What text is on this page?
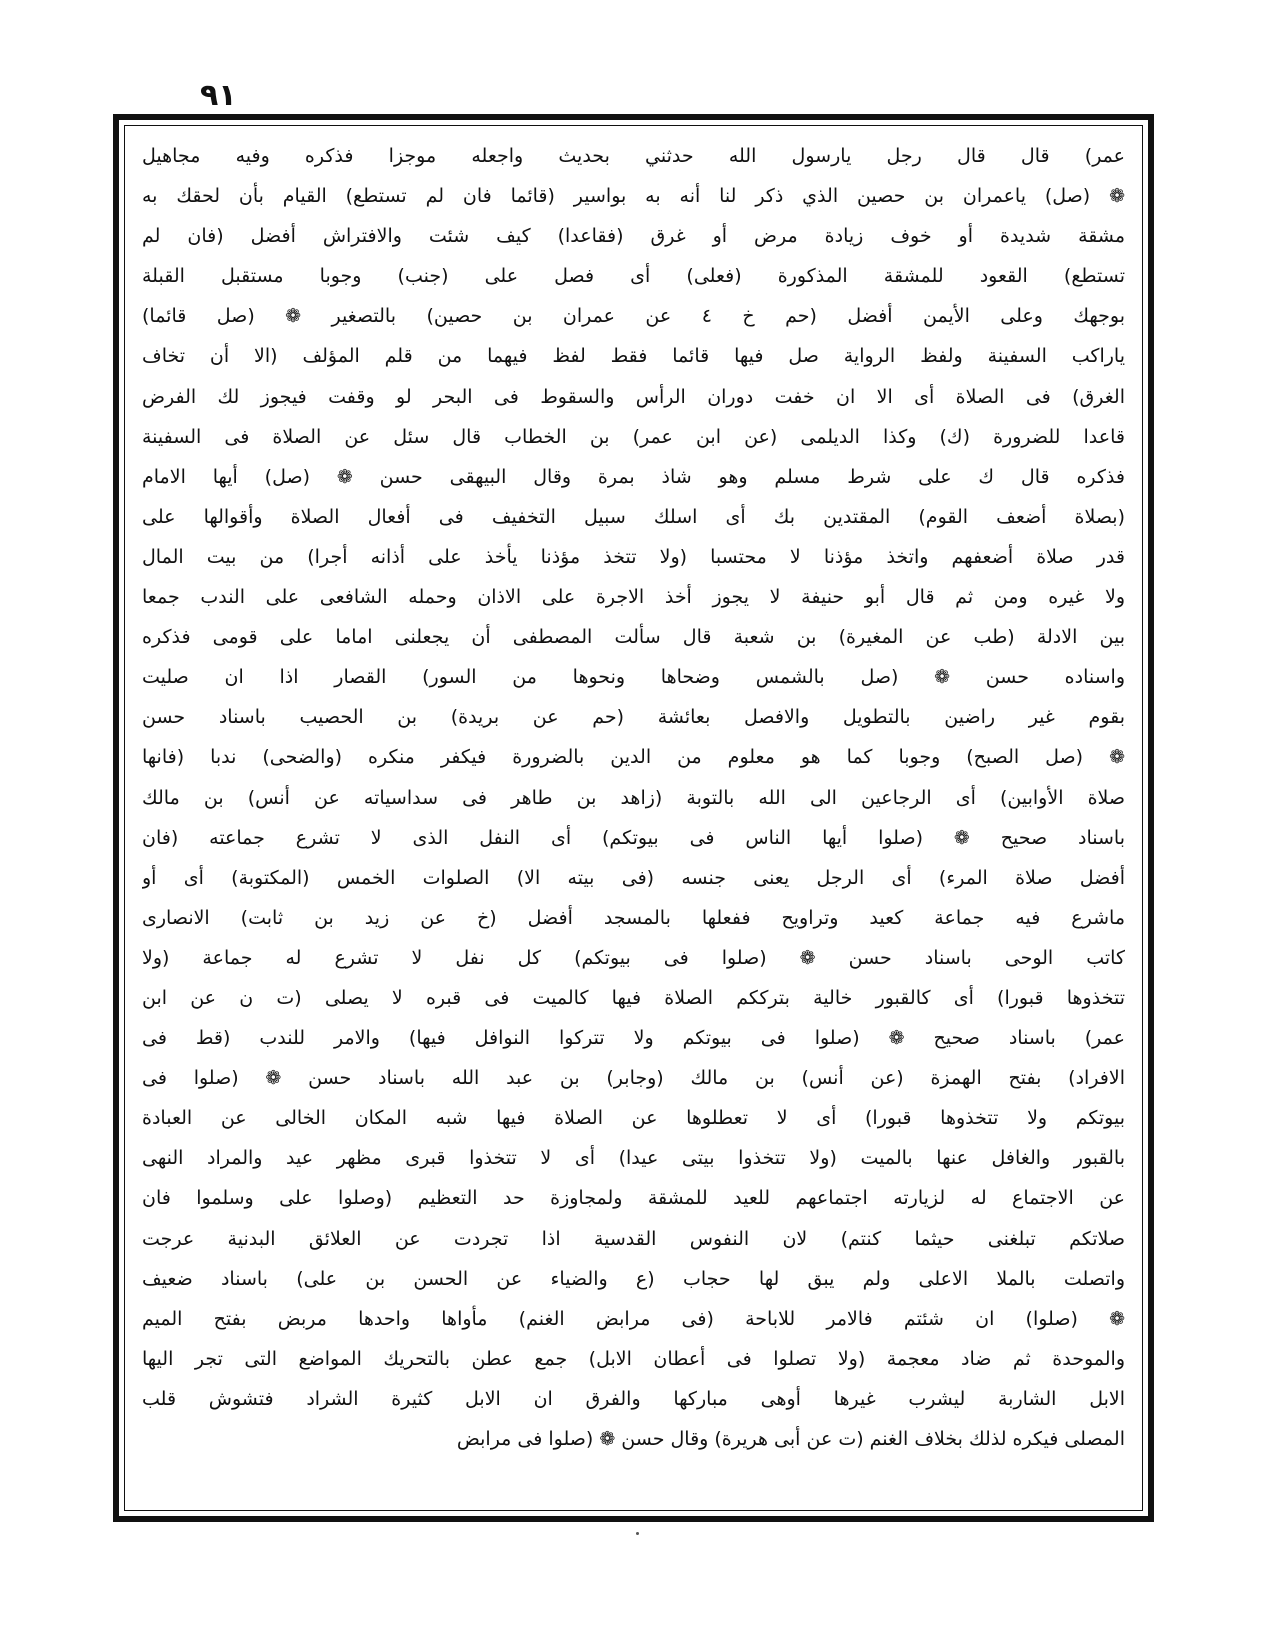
٩١
عمر) قال قال رجل يارسول الله حدثني بحديث واجعله موجزا فذكره وفيه مجاهيل
❁ (صل) ياعمران بن حصين الذي ذكر لنا أنه به بواسير (قائما فان لم تستطع) القيام بأن لحقك به
مشقة شديدة أو خوف زيادة مرض أو غرق (فقاعدا) كيف شئت والافتراش أفضل (فان لم
تستطع) القعود للمشقة المذكورة (فعلى) أى فصل على (جنب) وجوبا مستقبل القبلة
بوجهك وعلى الأيمن أفضل (حم خ ٤ عن عمران بن حصين) بالتصغير ❁ (صل قائما)
ياراكب السفينة ولفظ الرواية صل فيها قائما فقط لفظ فيهما من قلم المؤلف (الا أن تخاف
الغرق) فى الصلاة أى الا ان خفت دوران الرأس والسقوط فى البحر لو وقفت فيجوز لك الفرض
قاعدا للضرورة (ك) وكذا الديلمى (عن ابن عمر) بن الخطاب قال سئل عن الصلاة فى السفينة
فذكره قال ك على شرط مسلم وهو شاذ بمرة وقال البيهقى حسن ❁ (صل) أيها الامام
(بصلاة أضعف القوم) المقتدين بك أى اسلك سبيل التخفيف فى أفعال الصلاة وأقوالها على
قدر صلاة أضعفهم واتخذ مؤذنا لا محتسبا (ولا تتخذ مؤذنا يأخذ على أذانه أجرا) من بيت المال
ولا غيره ومن ثم قال أبو حنيفة لا يجوز أخذ الاجرة على الاذان وحمله الشافعى على الندب جمعا
بين الادلة (طب عن المغيرة) بن شعبة قال سألت المصطفى أن يجعلنى اماما على قومى فذكره
واسناده حسن ❁ (صل بالشمس وضحاها ونحوها من السور) القصار اذا ان صليت
بقوم غير راضين بالتطويل والافصل بعائشة (حم عن بريدة) بن الحصيب باسناد حسن
❁ (صل الصبح) وجوبا كما هو معلوم من الدين بالضرورة فيكفر منكره (والضحى) ندبا (فانها
صلاة الأوابين) أى الرجاعين الى الله بالتوبة (زاهد بن طاهر فى سداسياته عن أنس) بن مالك
باسناد صحيح ❁ (صلوا أيها الناس فى بيوتكم) أى النفل الذى لا تشرع جماعته (فان
أفضل صلاة المرء) أى الرجل يعنى جنسه (فى بيته الا) الصلوات الخمس (المكتوبة) أى أو
ماشرع فيه جماعة كعيد وتراويح ففعلها بالمسجد أفضل (خ عن زيد بن ثابت) الانصارى
كاتب الوحى باسناد حسن ❁ (صلوا فى بيوتكم) كل نفل لا تشرع له جماعة (ولا
تتخذوها قبورا) أى كالقبور خالية بترككم الصلاة فيها كالميت فى قبره لا يصلى (ت ن عن ابن
عمر) باسناد صحيح ❁ (صلوا فى بيوتكم ولا تتركوا النوافل فيها) والامر للندب (قط فى
الافراد) بفتح الهمزة (عن أنس) بن مالك (وجابر) بن عبد الله باسناد حسن ❁ (صلوا فى
بيوتكم ولا تتخذوها قبورا) أى لا تعطلوها عن الصلاة فيها شبه المكان الخالى عن العبادة
بالقبور والغافل عنها بالميت (ولا تتخذوا بيتى عيدا) أى لا تتخذوا قبرى مظهر عيد والمراد النهى
عن الاجتماع له لزيارته اجتماعهم للعيد للمشقة ولمجاوزة حد التعظيم (وصلوا على وسلموا فان
صلاتكم تبلغنى حيثما كنتم) لان النفوس القدسية اذا تجردت عن العلائق البدنية عرجت
واتصلت بالملا الاعلى ولم يبق لها حجاب (ع والضياء عن الحسن بن على) باسناد ضعيف
❁ (صلوا) ان شئتم فالامر للاباحة (فى مرابض الغنم) مأواها واحدها مربض بفتح الميم
والموحدة ثم ضاد معجمة (ولا تصلوا فى أعطان الابل) جمع عطن بالتحريك المواضع التى تجر اليها
الابل الشاربة ليشرب غيرها أوهى مباركها والفرق ان الابل كثيرة الشراد فتشوش قلب
المصلى فيكره لذلك بخلاف الغنم (ت عن أبى هريرة) وقال حسن ❁ (صلوا فى مرابض
